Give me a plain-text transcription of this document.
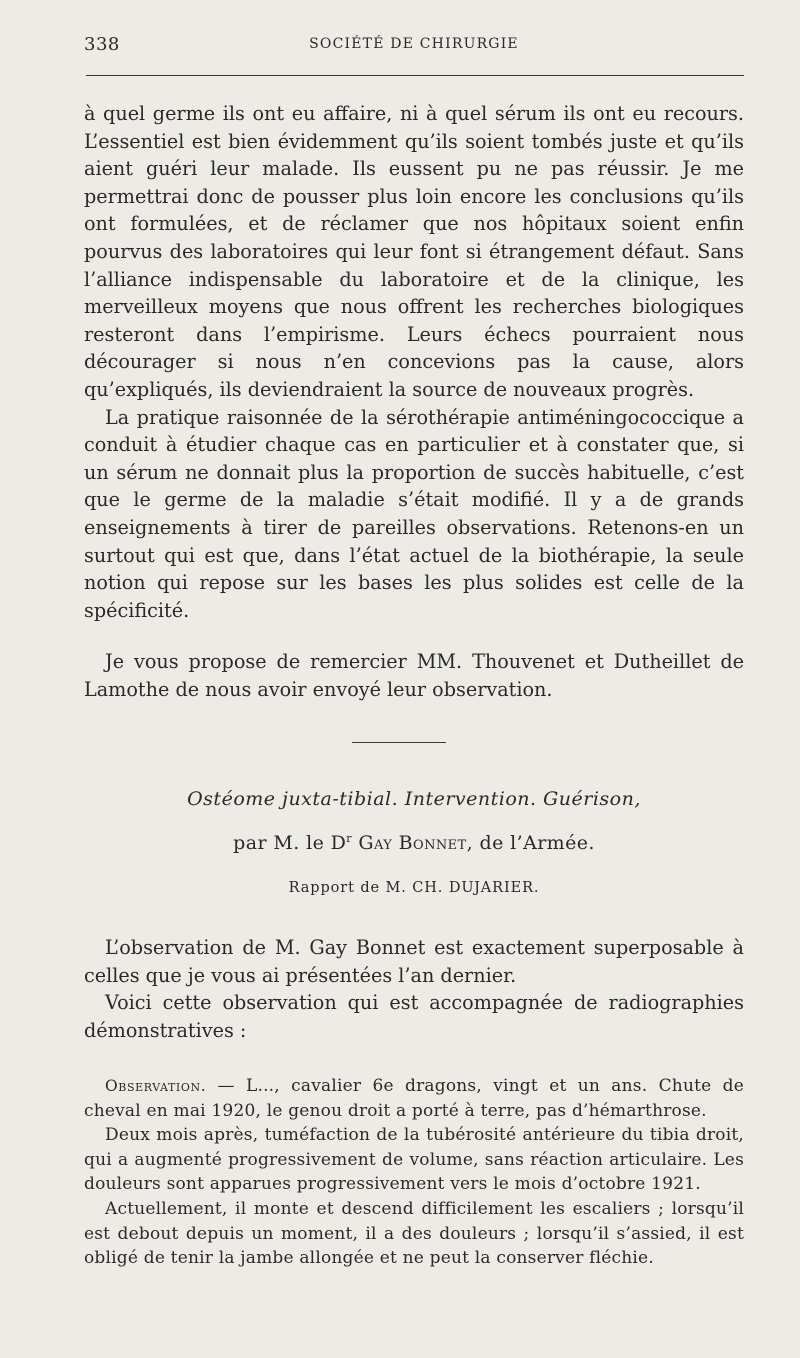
338	SOCIÉTÉ DE CHIRURGIE

à quel germe ils ont eu affaire, ni à quel sérum ils ont eu recours. L’essentiel est bien évidemment qu’ils soient tombés juste et qu’ils aient guéri leur malade. Ils eussent pu ne pas réussir. Je me permettrai donc de pousser plus loin encore les conclusions qu’ils ont formulées, et de réclamer que nos hôpitaux soient enfin pourvus des laboratoires qui leur font si étrangement défaut. Sans l’alliance indispensable du laboratoire et de la clinique, les merveilleux moyens que nous offrent les recherches biologiques resteront dans l’empirisme. Leurs échecs pourraient nous décourager si nous n’en concevions pas la cause, alors qu’expliqués, ils deviendraient la source de nouveaux progrès.

La pratique raisonnée de la sérothérapie antiméningococcique a conduit à étudier chaque cas en particulier et à constater que, si un sérum ne donnait plus la proportion de succès habituelle, c’est que le germe de la maladie s’était modifié. Il y a de grands enseignements à tirer de pareilles observations. Retenons-en un surtout qui est que, dans l’état actuel de la biothérapie, la seule notion qui repose sur les bases les plus solides est celle de la spécificité.

Je vous propose de remercier MM. Thouvenet et Dutheillet de Lamothe de nous avoir envoyé leur observation.

Ostéome juxta-tibial. Intervention. Guérison,
par M. le $D^r$ Gay Bonnet, de l’Armée.
Rapport de M. CH. DUJARIER.

L’observation de M. Gay Bonnet est exactement superposable à celles que je vous ai présentées l’an dernier.

Voici cette observation qui est accompagnée de radiographies démonstratives :

Observation. — L..., cavalier 6e dragons, vingt et un ans. Chute de cheval en mai 1920, le genou droit a porté à terre, pas d’hémarthrose.

Deux mois après, tuméfaction de la tubérosité antérieure du tibia droit, qui a augmenté progressivement de volume, sans réaction articulaire. Les douleurs sont apparues progressivement vers le mois d’octobre 1921.

Actuellement, il monte et descend difficilement les escaliers ; lorsqu’il est debout depuis un moment, il a des douleurs ; lorsqu’il s’assied, il est obligé de tenir la jambe allongée et ne peut la conserver fléchie.
